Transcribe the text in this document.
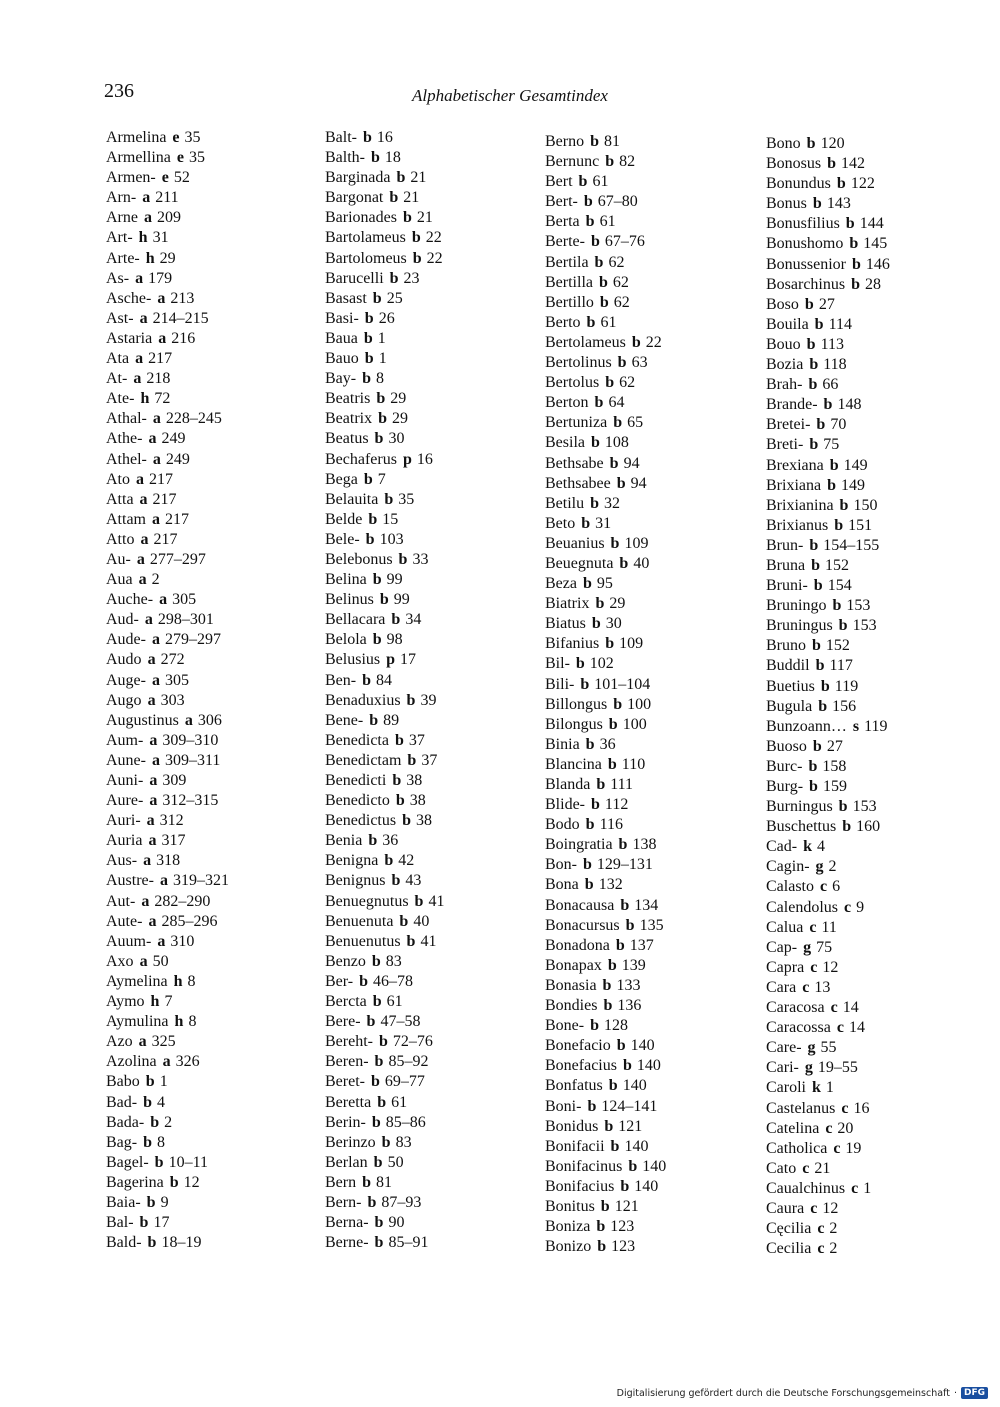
236	Alphabetischer Gesamtindex
Armelina e 35
Armellina e 35
Armen- e 52
Arn- a 211
Arne a 209
Art- h 31
Arte- h 29
As- a 179
Asche- a 213
Ast- a 214–215
Astaria a 216
Ata a 217
At- a 218
Ate- h 72
Athal- a 228–245
Athe- a 249
Athel- a 249
Ato a 217
Atta a 217
Attam a 217
Atto a 217
Au- a 277–297
Aua a 2
Auche- a 305
Aud- a 298–301
Aude- a 279–297
Audo a 272
Auge- a 305
Augo a 303
Augustinus a 306
Aum- a 309–310
Aune- a 309–311
Auni- a 309
Aure- a 312–315
Auri- a 312
Auria a 317
Aus- a 318
Austre- a 319–321
Aut- a 282–290
Aute- a 285–296
Auum- a 310
Axo a 50
Aymelina h 8
Aymo h 7
Aymulina h 8
Azo a 325
Azolina a 326
Babo b 1
Bad- b 4
Bada- b 2
Bag- b 8
Bagel- b 10–11
Bagerina b 12
Baia- b 9
Bal- b 17
Bald- b 18–19
Balt- b 16
Balth- b 18
Barginada b 21
Bargonat b 21
Barionades b 21
Bartolameus b 22
Bartolomeus b 22
Barucelli b 23
Basast b 25
Basi- b 26
Baua b 1
Bauo b 1
Bay- b 8
Beatris b 29
Beatrix b 29
Beatus b 30
Bechaferus p 16
Bega b 7
Belauita b 35
Belde b 15
Bele- b 103
Belebonus b 33
Belina b 99
Belinus b 99
Bellacara b 34
Belola b 98
Belusius p 17
Ben- b 84
Benaduxius b 39
Bene- b 89
Benedicta b 37
Benedictam b 37
Benedicti b 38
Benedicto b 38
Benedictus b 38
Benia b 36
Benigna b 42
Benignus b 43
Benuegnutus b 41
Benuenuta b 40
Benuenutus b 41
Benzo b 83
Ber- b 46–78
Bercta b 61
Bere- b 47–58
Bereht- b 72–76
Beren- b 85–92
Beret- b 69–77
Beretta b 61
Berin- b 85–86
Berinzo b 83
Berlan b 50
Bern b 81
Bern- b 87–93
Berna- b 90
Berne- b 85–91
Berno b 81
Bernunc b 82
Bert b 61
Bert- b 67–80
Berta b 61
Berte- b 67–76
Bertila b 62
Bertilla b 62
Bertillo b 62
Berto b 61
Bertolameus b 22
Bertolinus b 63
Bertolus b 62
Berton b 64
Bertuniza b 65
Besila b 108
Bethsabe b 94
Bethsabee b 94
Betilu b 32
Beto b 31
Beuanius b 109
Beuegnuta b 40
Beza b 95
Biatrix b 29
Biatus b 30
Bifanius b 109
Bil- b 102
Bili- b 101–104
Billongus b 100
Bilongus b 100
Binia b 36
Blancina b 110
Blanda b 111
Blide- b 112
Bodo b 116
Boingratia b 138
Bon- b 129–131
Bona b 132
Bonacausa b 134
Bonacursus b 135
Bonadona b 137
Bonapax b 139
Bonasia b 133
Bondies b 136
Bone- b 128
Bonefacio b 140
Bonefacius b 140
Bonfatus b 140
Boni- b 124–141
Bonidus b 121
Bonifacii b 140
Bonifacinus b 140
Bonifacius b 140
Bonitus b 121
Boniza b 123
Bonizo b 123
Bono b 120
Bonosus b 142
Bonundus b 122
Bonus b 143
Bonusfilius b 144
Bonushomo b 145
Bonussenior b 146
Bosarchinus b 28
Boso b 27
Bouila b 114
Bouo b 113
Bozia b 118
Brah- b 66
Brande- b 148
Bretei- b 70
Breti- b 75
Brexiana b 149
Brixiana b 149
Brixianina b 150
Brixianus b 151
Brun- b 154–155
Bruna b 152
Bruni- b 154
Bruningo b 153
Bruningus b 153
Bruno b 152
Buddil b 117
Buetius b 119
Bugula b 156
Bunzoann… s 119
Buoso b 27
Burc- b 158
Burg- b 159
Burningus b 153
Buschettus b 160
Cad- k 4
Cagin- g 2
Calasto c 6
Calendolus c 9
Calua c 11
Cap- g 75
Capra c 12
Cara c 13
Caracosa c 14
Caracossa c 14
Care- g 55
Cari- g 19–55
Caroli k 1
Castelanus c 16
Catelina c 20
Catholica c 19
Cato c 21
Caualchinus c 1
Caura c 12
Cęcilia c 2
Cecilia c 2
Digitalisierung gefördert durch die Deutsche Forschungsgemeinschaft · DFG
